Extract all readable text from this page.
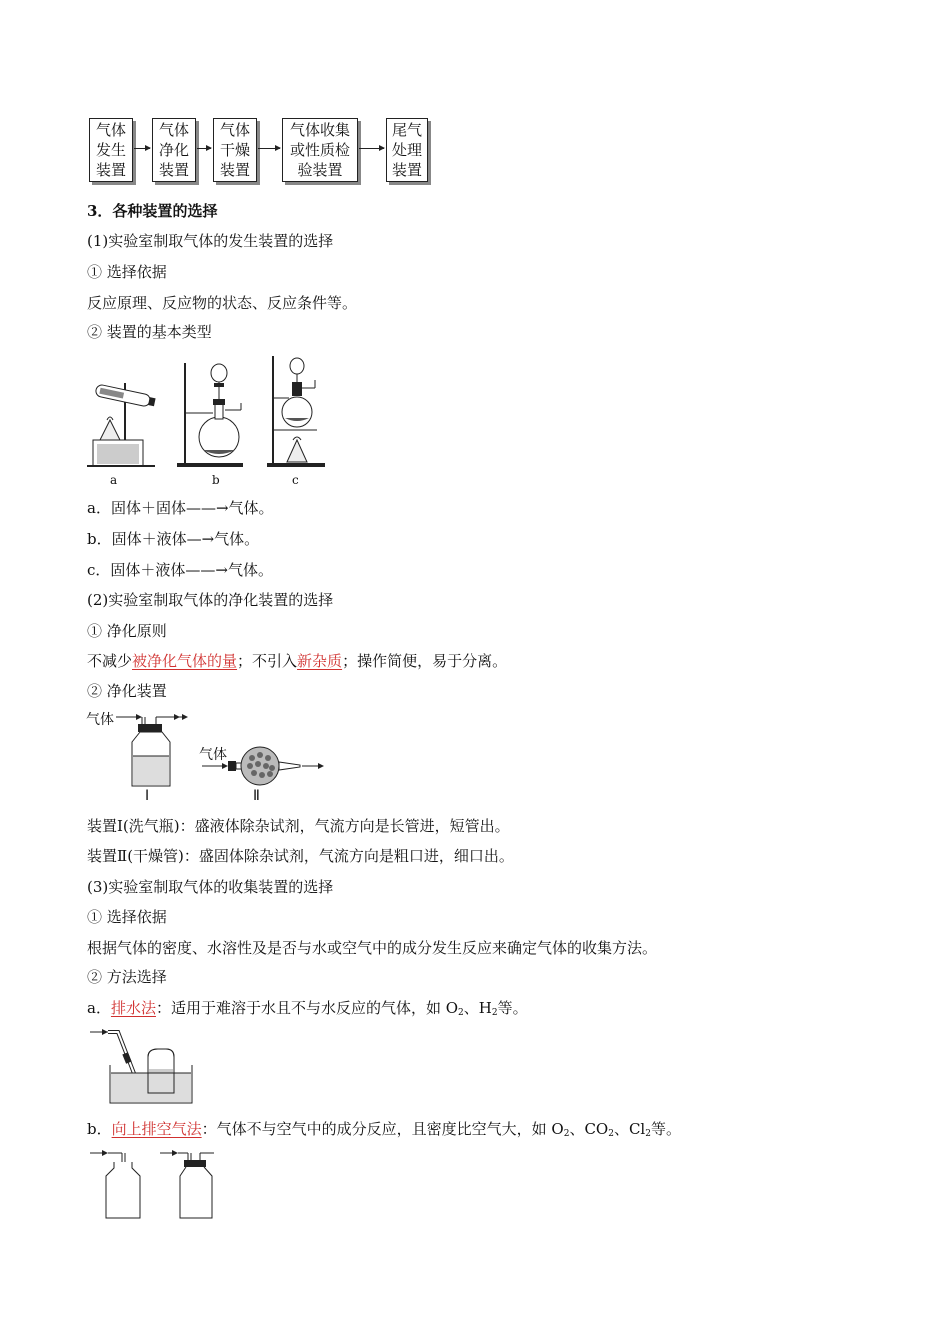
气体
发生
装置
气体
净化
装置
气体
干燥
装置
气体收集
或性质检
验装置
尾气
处理
装置
3．各种装置的选择
(1)实验室制取气体的发生装置的选择
① 选择依据
反应原理、反应物的状态、反应条件等。
② 装置的基本类型
a	b	c
a．固体＋固体——→气体。
b．固体＋液体—→气体。
c．固体＋液体——→气体。
(2)实验室制取气体的净化装置的选择
① 净化原则
不减少被净化气体的量；不引入新杂质；操作简便，易于分离。
② 净化装置
气体
Ⅰ
气体
Ⅱ
装置Ⅰ(洗气瓶)：盛液体除杂试剂，气流方向是长管进，短管出。
装置Ⅱ(干燥管)：盛固体除杂试剂，气流方向是粗口进，细口出。
(3)实验室制取气体的收集装置的选择
① 选择依据
根据气体的密度、水溶性及是否与水或空气中的成分发生反应来确定气体的收集方法。
② 方法选择
a．排水法：适用于难溶于水且不与水反应的气体，如 $O_2$、$H_2$等。
b．向上排空气法：气体不与空气中的成分反应，且密度比空气大，如 $O_2$、$CO_2$、$Cl_2$等。
